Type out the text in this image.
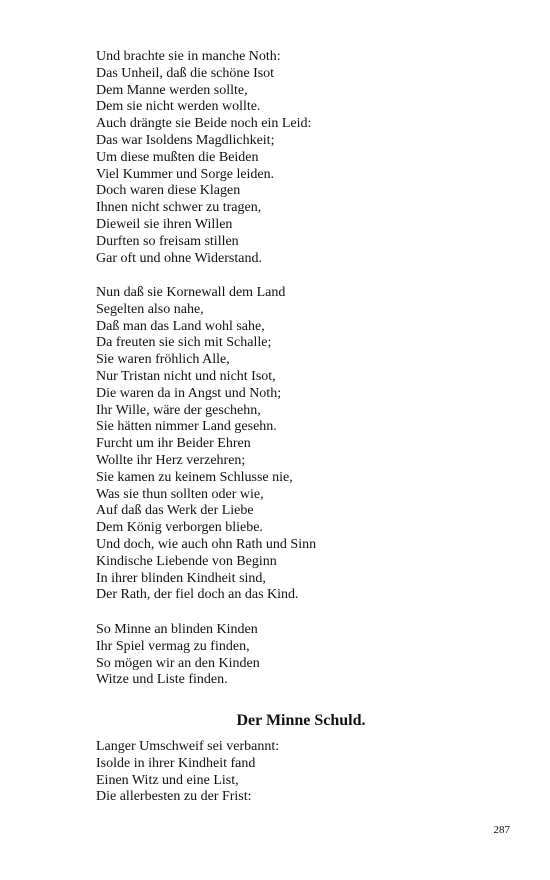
Und brachte sie in manche Noth:
Das Unheil, daß die schöne Isot
Dem Manne werden sollte,
Dem sie nicht werden wollte.
Auch drängte sie Beide noch ein Leid:
Das war Isoldens Magdlichkeit;
Um diese mußten die Beiden
Viel Kummer und Sorge leiden.
Doch waren diese Klagen
Ihnen nicht schwer zu tragen,
Dieweil sie ihren Willen
Durften so freisam stillen
Gar oft und ohne Widerstand.
Nun daß sie Kornewall dem Land
Segelten also nahe,
Daß man das Land wohl sahe,
Da freuten sie sich mit Schalle;
Sie waren fröhlich Alle,
Nur Tristan nicht und nicht Isot,
Die waren da in Angst und Noth;
Ihr Wille, wäre der geschehn,
Sie hätten nimmer Land gesehn.
Furcht um ihr Beider Ehren
Wollte ihr Herz verzehren;
Sie kamen zu keinem Schlusse nie,
Was sie thun sollten oder wie,
Auf daß das Werk der Liebe
Dem König verborgen bliebe.
Und doch, wie auch ohn Rath und Sinn
Kindische Liebende von Beginn
In ihrer blinden Kindheit sind,
Der Rath, der fiel doch an das Kind.
So Minne an blinden Kinden
Ihr Spiel vermag zu finden,
So mögen wir an den Kinden
Witze und Liste finden.
Der Minne Schuld.
Langer Umschweif sei verbannt:
Isolde in ihrer Kindheit fand
Einen Witz und eine List,
Die allerbesten zu der Frist:
287
